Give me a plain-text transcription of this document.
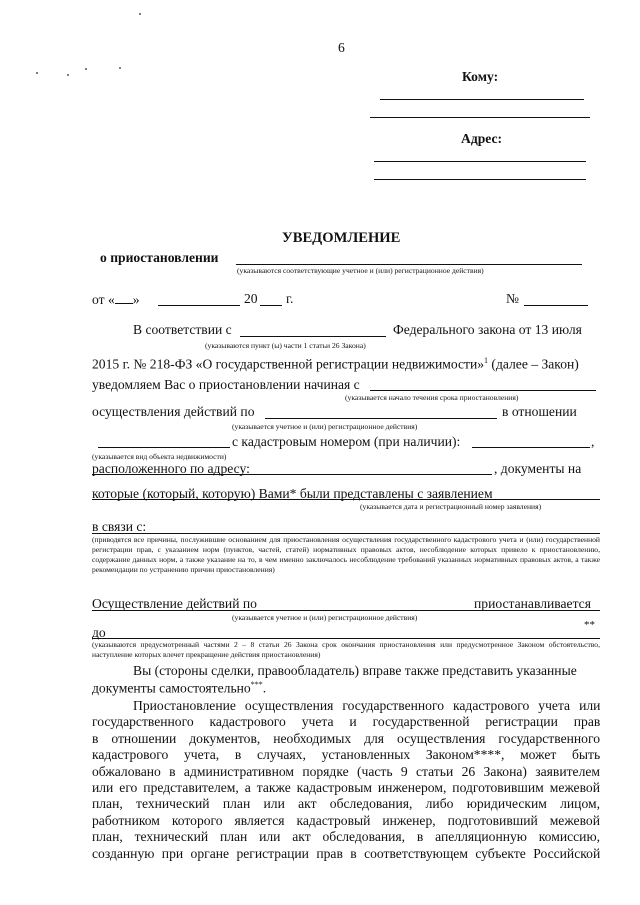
6
Кому:
Адрес:
УВЕДОМЛЕНИЕ
о приостановлении
(указываются соответствующие учетное и (или) регистрационное действия)
от « »	20 г.	№
В соответствии с	Федерального закона от 13 июля
(указываются пункт (ы) части 1 статьи 26 Закона)
2015 г. № 218-ФЗ «О государственной регистрации недвижимости»$^1$ (далее – Закон)
уведомляем Вас о приостановлении начиная с
(указывается начало течения срока приостановления)
осуществления действий по	в отношении
(указывается учетное и (или) регистрационное действия)
с кадастровым номером (при наличии):	,
(указывается вид объекта недвижимости)
расположенного по адресу:	, документы на
которые (который, которую) Вами* были представлены с заявлением
(указывается дата и регистрационный номер заявления)
в связи с:
(приводятся все причины, послужившие основанием для приостановления осуществления государственного кадастрового учета и (или) государственной регистрации прав, с указанием норм (пунктов, частей, статей) нормативных правовых актов, несоблюдение которых привело к приостановлению, содержание данных норм, а также указание на то, в чем именно заключалось несоблюдение требований указанных нормативных правовых актов, а также рекомендации по устранению причин приостановления)
Осуществление действий по	приостанавливается
(указывается учетное и (или) регистрационное действия)
**
до
(указываются предусмотренный частями 2 – 8 статьи 26 Закона срок окончания приостановления или предусмотренное Законом обстоятельство, наступление которых влечет прекращение действия приостановления)
Вы (стороны сделки, правообладатель) вправе также представить указанные
документы самостоятельно***.
Приостановление осуществления государственного кадастрового учета или
государственного кадастрового учета и государственной регистрации прав
в отношении документов, необходимых для осуществления государственного
кадастрового учета, в случаях, установленных Законом****, может быть
обжаловано в административном порядке (часть 9 статьи 26 Закона) заявителем
или его представителем, а также кадастровым инженером, подготовившим межевой
план, технический план или акт обследования, либо юридическим лицом,
работником которого является кадастровый инженер, подготовивший межевой
план, технический план или акт обследования, в апелляционную комиссию,
созданную при органе регистрации прав в соответствующем субъекте Российской
